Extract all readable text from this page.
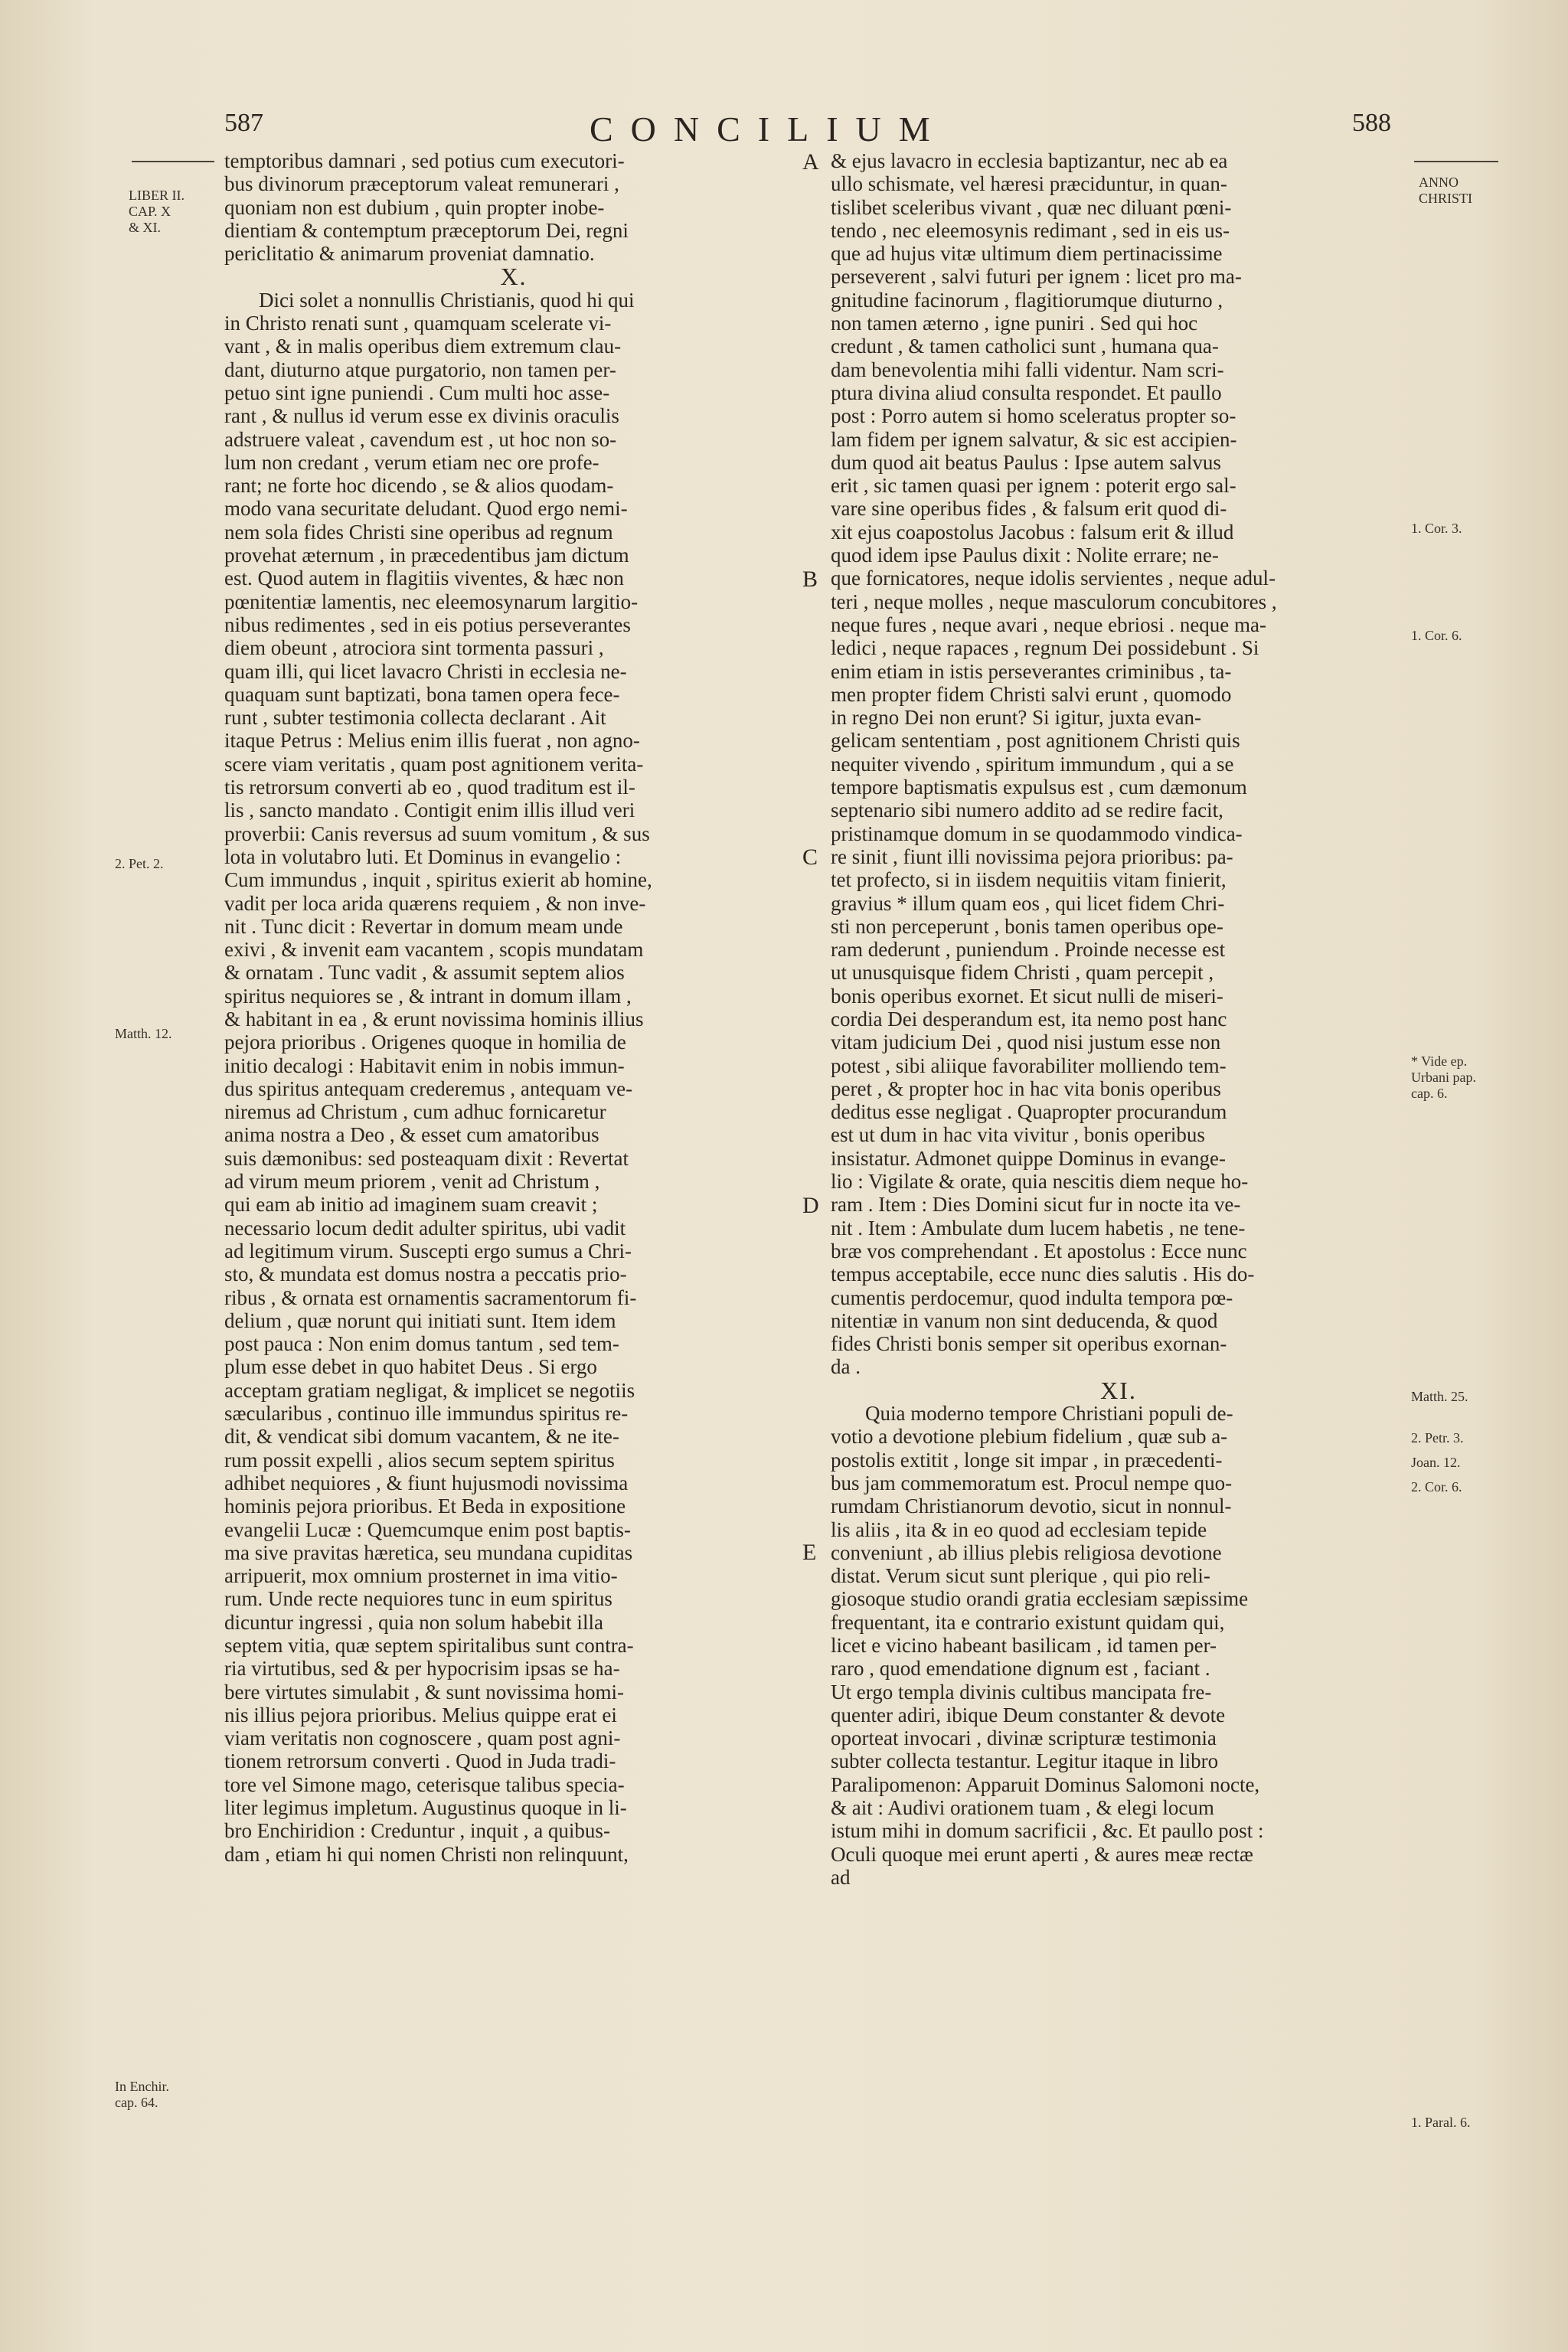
587	CONCILIUM	588
LIBER II.
CAP. X
& XI.
ANNO
CHRISTI
2. Pet. 2.
Matth. 12.
In Enchir.
cap. 64.
1. Cor. 3.
1. Cor. 6.
* Vide ep.
Urbani pap.
cap. 6.
Matth. 25.
2. Petr. 3.
Joan. 12.
2. Cor. 6.
1. Paral. 6.
A
B
C
D
E
temptoribus damnari , sed potius cum executori-
bus divinorum præceptorum valeat remunerari ,
quoniam non est dubium , quin propter inobe-
dientiam & contemptum præceptorum Dei, regni
periclitatio & animarum proveniat damnatio.
X.
Dici solet a nonnullis Christianis, quod hi qui
in Christo renati sunt , quamquam scelerate vi-
vant , & in malis operibus diem extremum clau-
dant, diuturno atque purgatorio, non tamen per-
petuo sint igne puniendi . Cum multi hoc asse-
rant , & nullus id verum esse ex divinis oraculis
adstruere valeat , cavendum est , ut hoc non so-
lum non credant , verum etiam nec ore profe-
rant; ne forte hoc dicendo , se & alios quodam-
modo vana securitate deludant. Quod ergo nemi-
nem sola fides Christi sine operibus ad regnum
provehat æternum , in præcedentibus jam dictum
est. Quod autem in flagitiis viventes, & hæc non
pœnitentiæ lamentis, nec eleemosynarum largitio-
nibus redimentes , sed in eis potius perseverantes
diem obeunt , atrociora sint tormenta passuri ,
quam illi, qui licet lavacro Christi in ecclesia ne-
quaquam sunt baptizati, bona tamen opera fece-
runt , subter testimonia collecta declarant . Ait
itaque Petrus : Melius enim illis fuerat , non agno-
scere viam veritatis , quam post agnitionem verita-
tis retrorsum converti ab eo , quod traditum est il-
lis , sancto mandato . Contigit enim illis illud veri
proverbii: Canis reversus ad suum vomitum , & sus
lota in volutabro luti. Et Dominus in evangelio :
Cum immundus , inquit , spiritus exierit ab homine,
vadit per loca arida quærens requiem , & non inve-
nit . Tunc dicit : Revertar in domum meam unde
exivi , & invenit eam vacantem , scopis mundatam
& ornatam . Tunc vadit , & assumit septem alios
spiritus nequiores se , & intrant in domum illam ,
& habitant in ea , & erunt novissima hominis illius
pejora prioribus . Origenes quoque in homilia de
initio decalogi : Habitavit enim in nobis immun-
dus spiritus antequam crederemus , antequam ve-
niremus ad Christum , cum adhuc fornicaretur
anima nostra a Deo , & esset cum amatoribus
suis dæmonibus: sed posteaquam dixit : Revertat
ad virum meum priorem , venit ad Christum ,
qui eam ab initio ad imaginem suam creavit ;
necessario locum dedit adulter spiritus, ubi vadit
ad legitimum virum. Suscepti ergo sumus a Chri-
sto, & mundata est domus nostra a peccatis prio-
ribus , & ornata est ornamentis sacramentorum fi-
delium , quæ norunt qui initiati sunt. Item idem
post pauca : Non enim domus tantum , sed tem-
plum esse debet in quo habitet Deus . Si ergo
acceptam gratiam negligat, & implicet se negotiis
sæcularibus , continuo ille immundus spiritus re-
dit, & vendicat sibi domum vacantem, & ne ite-
rum possit expelli , alios secum septem spiritus
adhibet nequiores , & fiunt hujusmodi novissima
hominis pejora prioribus. Et Beda in expositione
evangelii Lucæ : Quemcumque enim post baptis-
ma sive pravitas hæretica, seu mundana cupiditas
arripuerit, mox omnium prosternet in ima vitio-
rum. Unde recte nequiores tunc in eum spiritus
dicuntur ingressi , quia non solum habebit illa
septem vitia, quæ septem spiritalibus sunt contra-
ria virtutibus, sed & per hypocrisim ipsas se ha-
bere virtutes simulabit , & sunt novissima homi-
nis illius pejora prioribus. Melius quippe erat ei
viam veritatis non cognoscere , quam post agni-
tionem retrorsum converti . Quod in Juda tradi-
tore vel Simone mago, ceterisque talibus specia-
liter legimus impletum. Augustinus quoque in li-
bro Enchiridion : Creduntur , inquit , a quibus-
dam , etiam hi qui nomen Christi non relinquunt,
& ejus lavacro in ecclesia baptizantur, nec ab ea
ullo schismate, vel hæresi præciduntur, in quan-
tislibet sceleribus vivant , quæ nec diluant pœni-
tendo , nec eleemosynis redimant , sed in eis us-
que ad hujus vitæ ultimum diem pertinacissime
perseverent , salvi futuri per ignem : licet pro ma-
gnitudine facinorum , flagitiorumque diuturno ,
non tamen æterno , igne puniri . Sed qui hoc
credunt , & tamen catholici sunt , humana qua-
dam benevolentia mihi falli videntur. Nam scri-
ptura divina aliud consulta respondet. Et paullo
post : Porro autem si homo sceleratus propter so-
lam fidem per ignem salvatur, & sic est accipien-
dum quod ait beatus Paulus : Ipse autem salvus
erit , sic tamen quasi per ignem : poterit ergo sal-
vare sine operibus fides , & falsum erit quod di-
xit ejus coapostolus Jacobus : falsum erit & illud
quod idem ipse Paulus dixit : Nolite errare; ne-
que fornicatores, neque idolis servientes , neque adul-
teri , neque molles , neque masculorum concubitores ,
neque fures , neque avari , neque ebriosi . neque ma-
ledici , neque rapaces , regnum Dei possidebunt . Si
enim etiam in istis perseverantes criminibus , ta-
men propter fidem Christi salvi erunt , quomodo
in regno Dei non erunt? Si igitur, juxta evan-
gelicam sententiam , post agnitionem Christi quis
nequiter vivendo , spiritum immundum , qui a se
tempore baptismatis expulsus est , cum dæmonum
septenario sibi numero addito ad se redire facit,
pristinamque domum in se quodammodo vindica-
re sinit , fiunt illi novissima pejora prioribus: pa-
tet profecto, si in iisdem nequitiis vitam finierit,
gravius * illum quam eos , qui licet fidem Chri-
sti non perceperunt , bonis tamen operibus ope-
ram dederunt , puniendum . Proinde necesse est
ut unusquisque fidem Christi , quam percepit ,
bonis operibus exornet. Et sicut nulli de miseri-
cordia Dei desperandum est, ita nemo post hanc
vitam judicium Dei , quod nisi justum esse non
potest , sibi aliique favorabiliter molliendo tem-
peret , & propter hoc in hac vita bonis operibus
deditus esse negligat . Quapropter procurandum
est ut dum in hac vita vivitur , bonis operibus
insistatur. Admonet quippe Dominus in evange-
lio : Vigilate & orate, quia nescitis diem neque ho-
ram . Item : Dies Domini sicut fur in nocte ita ve-
nit . Item : Ambulate dum lucem habetis , ne tene-
bræ vos comprehendant . Et apostolus : Ecce nunc
tempus acceptabile, ecce nunc dies salutis . His do-
cumentis perdocemur, quod indulta tempora pœ-
nitentiæ in vanum non sint deducenda, & quod
fides Christi bonis semper sit operibus exornan-
da .
XI.
Quia moderno tempore Christiani populi de-
votio a devotione plebium fidelium , quæ sub a-
postolis extitit , longe sit impar , in præcedenti-
bus jam commemoratum est. Procul nempe quo-
rumdam Christianorum devotio, sicut in nonnul-
lis aliis , ita & in eo quod ad ecclesiam tepide
conveniunt , ab illius plebis religiosa devotione
distat. Verum sicut sunt plerique , qui pio reli-
giosoque studio orandi gratia ecclesiam sæpissime
frequentant, ita e contrario existunt quidam qui,
licet e vicino habeant basilicam , id tamen per-
raro , quod emendatione dignum est , faciant .
Ut ergo templa divinis cultibus mancipata fre-
quenter adiri, ibique Deum constanter & devote
oporteat invocari , divinæ scripturæ testimonia
subter collecta testantur. Legitur itaque in libro
Paralipomenon: Apparuit Dominus Salomoni nocte,
& ait : Audivi orationem tuam , & elegi locum
istum mihi in domum sacrificii , &c. Et paullo post :
Oculi quoque mei erunt aperti , & aures meæ rectæ
ad
